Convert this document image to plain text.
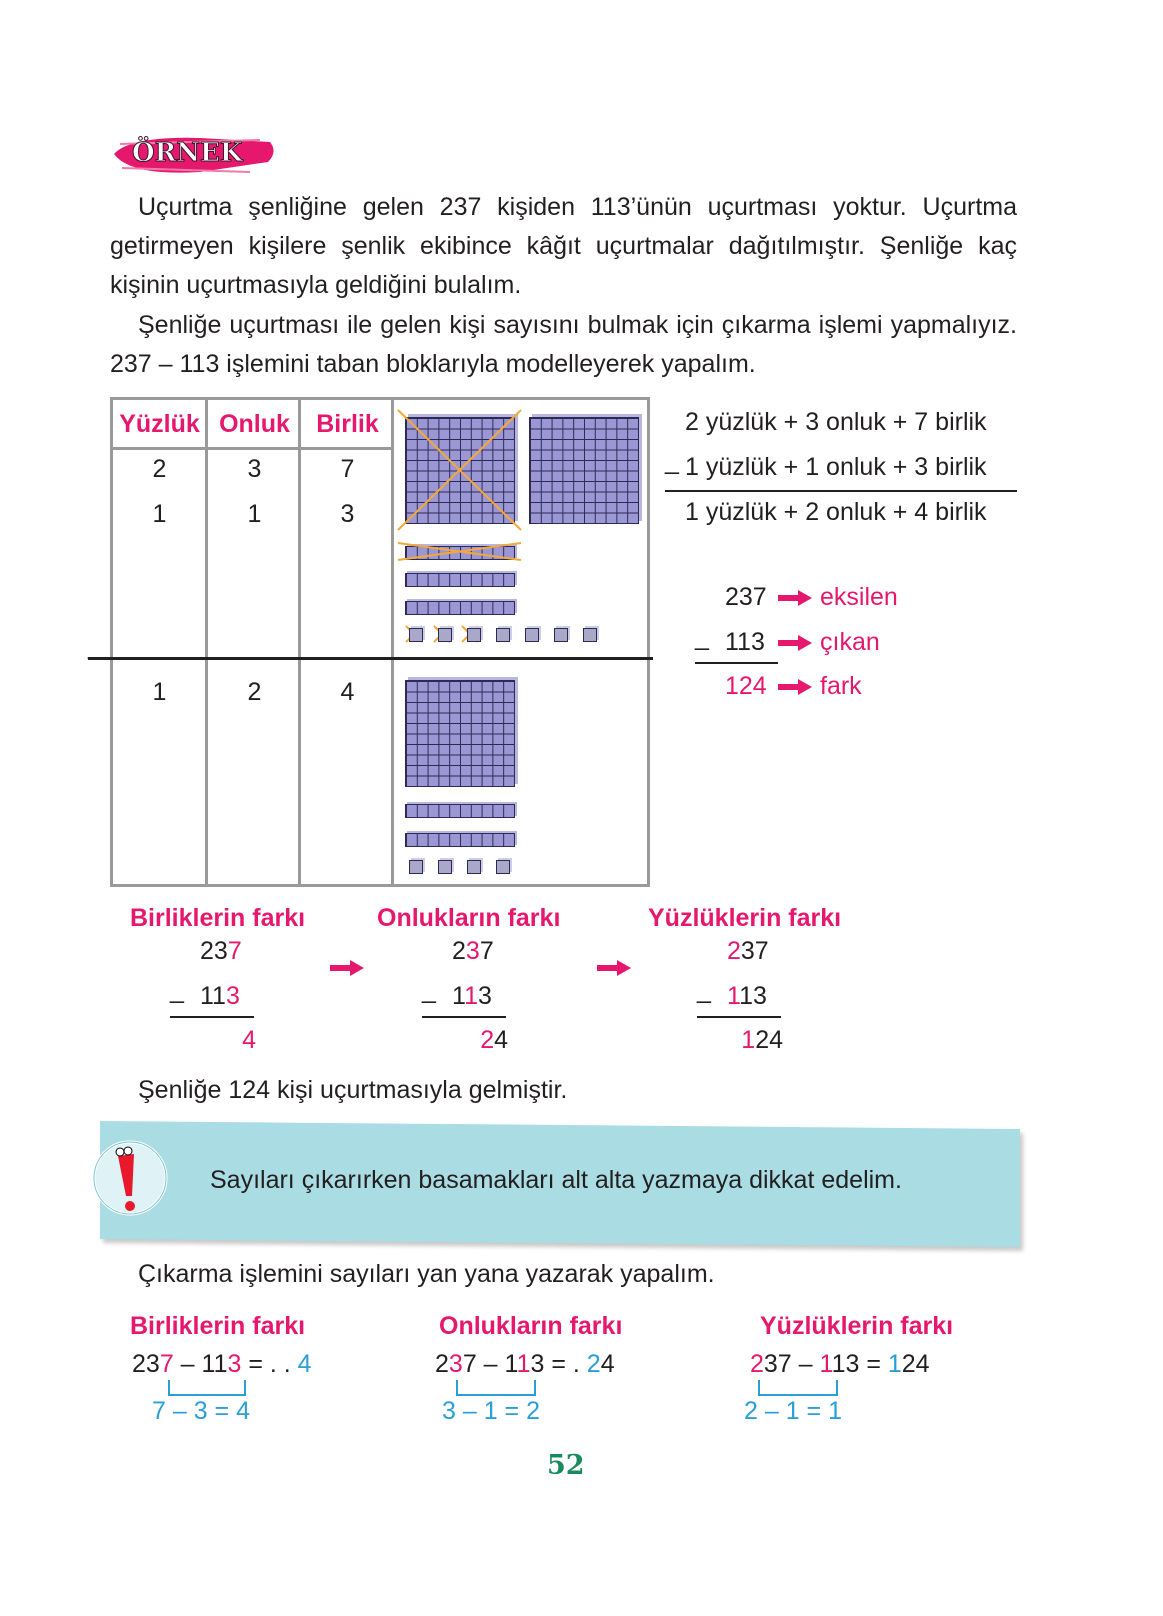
ÖRNEK
Uçurtma şenliğine gelen 237 kişiden 113’ünün uçurtması yoktur. Uçurtma getirmeyen kişilere şenlik ekibince kâğıt uçurtmalar dağıtılmıştır. Şenliğe kaç kişinin uçurtmasıyla geldiğini bulalım.
Şenliğe uçurtması ile gelen kişi sayısını bulmak için çıkarma işlemi yapmalıyız. 237 – 113 işlemini taban bloklarıyla modelleyerek yapalım.
Yüzlük Onluk	Birlik
2	3	7
1	1	3
1	2	4
_
2 yüzlük + 3 onluk + 7 birlik
_ 1 yüzlük + 1 onluk + 3 birlik
1 yüzlük + 2 onluk + 4 birlik
_
Şenliğe 124 kişi uçurtmasıyla gelmiştir.
Sayıları çıkarırken basamakları alt alta yazmaya dikkat edelim.
Çıkarma işlemini sayıları yan yana yazarak yapalım.
52
237 eksilen
113 çıkan
124 fark
Birliklerin farkı
237
_ 113
4
Onlukların farkı
237
_ 113
24
Yüzlüklerin farkı
237
_ 113
124
Birliklerin farkı
237 – 113 = . . 4
7 – 3 = 4
Onlukların farkı
237 – 113 = . 24
3 – 1 = 2
Yüzlüklerin farkı
237 – 113 = 124
2 – 1 = 1
